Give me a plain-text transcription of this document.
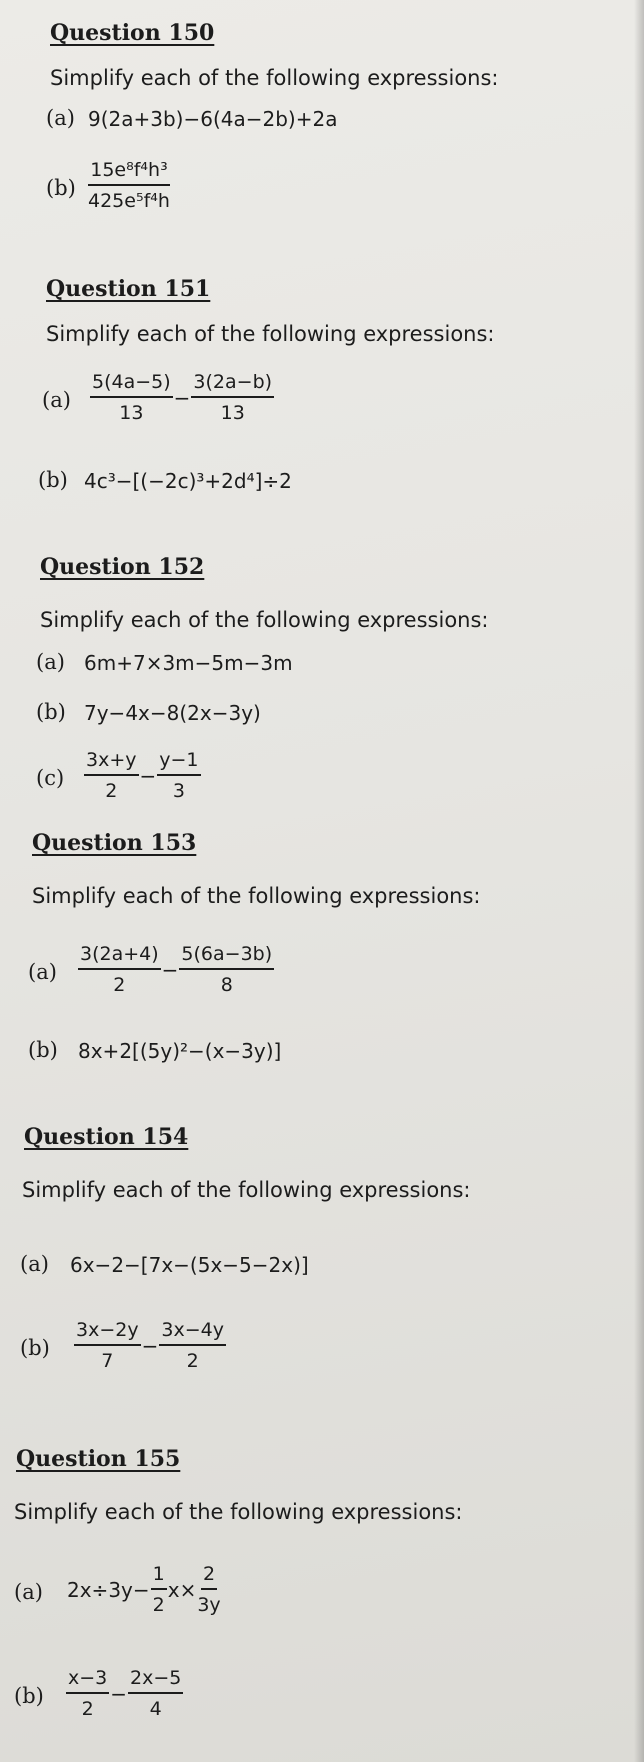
Question 150
Simplify each of the following expressions:
(a) 9(2a+3b)−6(4a−2b)+2a
$(b) \frac{\text{15e⁸f⁴h³}}{\text{425e⁵f⁴h}}$
Question 151
Simplify each of the following expressions:
$(a) \frac{5(4a-5)}{13} - \frac{3(2a-b)}{13}$
(b) 4c³−[(−2c)³+2d⁴]÷2
Question 152
Simplify each of the following expressions:
(a) 6m+7×3m−5m−3m
(b) 7y−4x−8(2x−3y)
$(c) \frac{3x+y}{2} - \frac{y-1}{3}$
Question 153
Simplify each of the following expressions:
$(a) \frac{3(2a+4)}{2} - \frac{5(6a-3b)}{8}$
(b) 8x+2[(5y)²−(x−3y)]
Question 154
Simplify each of the following expressions:
(a) 6x−2−[7x−(5x−5−2x)]
$(b) \frac{3x-2y}{7} - \frac{3x-4y}{2}$
Question 155
Simplify each of the following expressions:
(a) $2x\div 3y- \frac{1}{2} x\times \frac{2}{3y}$
$(b) \frac{x-3}{2} - \frac{2x-5}{4}$
